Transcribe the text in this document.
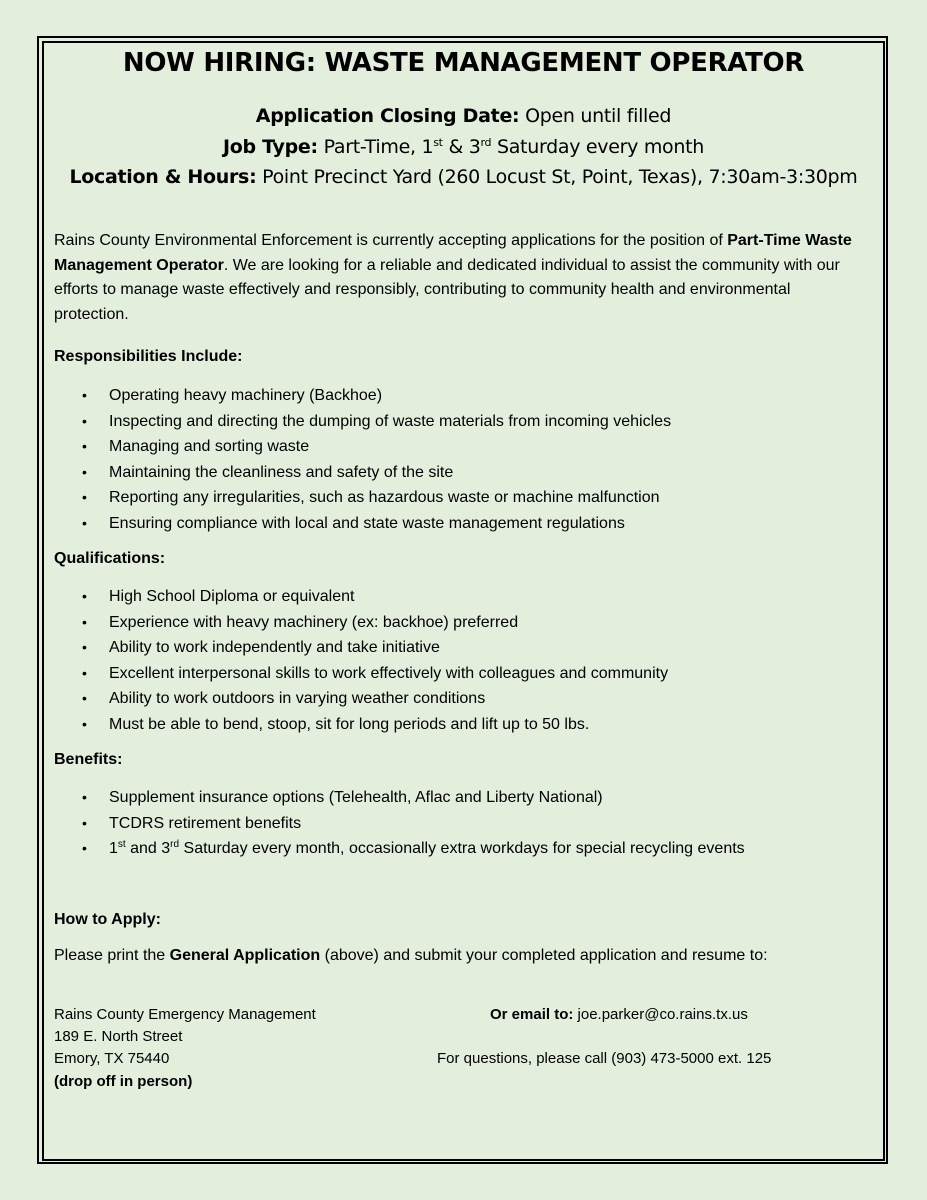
NOW HIRING: WASTE MANAGEMENT OPERATOR
Application Closing Date: Open until filled
Job Type: Part-Time, 1st & 3rd Saturday every month
Location & Hours: Point Precinct Yard (260 Locust St, Point, Texas), 7:30am-3:30pm
Rains County Environmental Enforcement is currently accepting applications for the position of Part-Time Waste Management Operator. We are looking for a reliable and dedicated individual to assist the community with our efforts to manage waste effectively and responsibly, contributing to community health and environmental protection.
Responsibilities Include:
• Operating heavy machinery (Backhoe)
• Inspecting and directing the dumping of waste materials from incoming vehicles
• Managing and sorting waste
• Maintaining the cleanliness and safety of the site
• Reporting any irregularities, such as hazardous waste or machine malfunction
• Ensuring compliance with local and state waste management regulations
Qualifications:
• High School Diploma or equivalent
• Experience with heavy machinery (ex: backhoe) preferred
• Ability to work independently and take initiative
• Excellent interpersonal skills to work effectively with colleagues and community
• Ability to work outdoors in varying weather conditions
• Must be able to bend, stoop, sit for long periods and lift up to 50 lbs.
Benefits:
• Supplement insurance options (Telehealth, Aflac and Liberty National)
• TCDRS retirement benefits
• 1st and 3rd Saturday every month, occasionally extra workdays for special recycling events
How to Apply:
Please print the General Application (above) and submit your completed application and resume to:
Rains County Emergency Management
189 E. North Street
Emory, TX 75440
(drop off in person)
Or email to: joe.parker@co.rains.tx.us
For questions, please call (903) 473-5000 ext. 125
